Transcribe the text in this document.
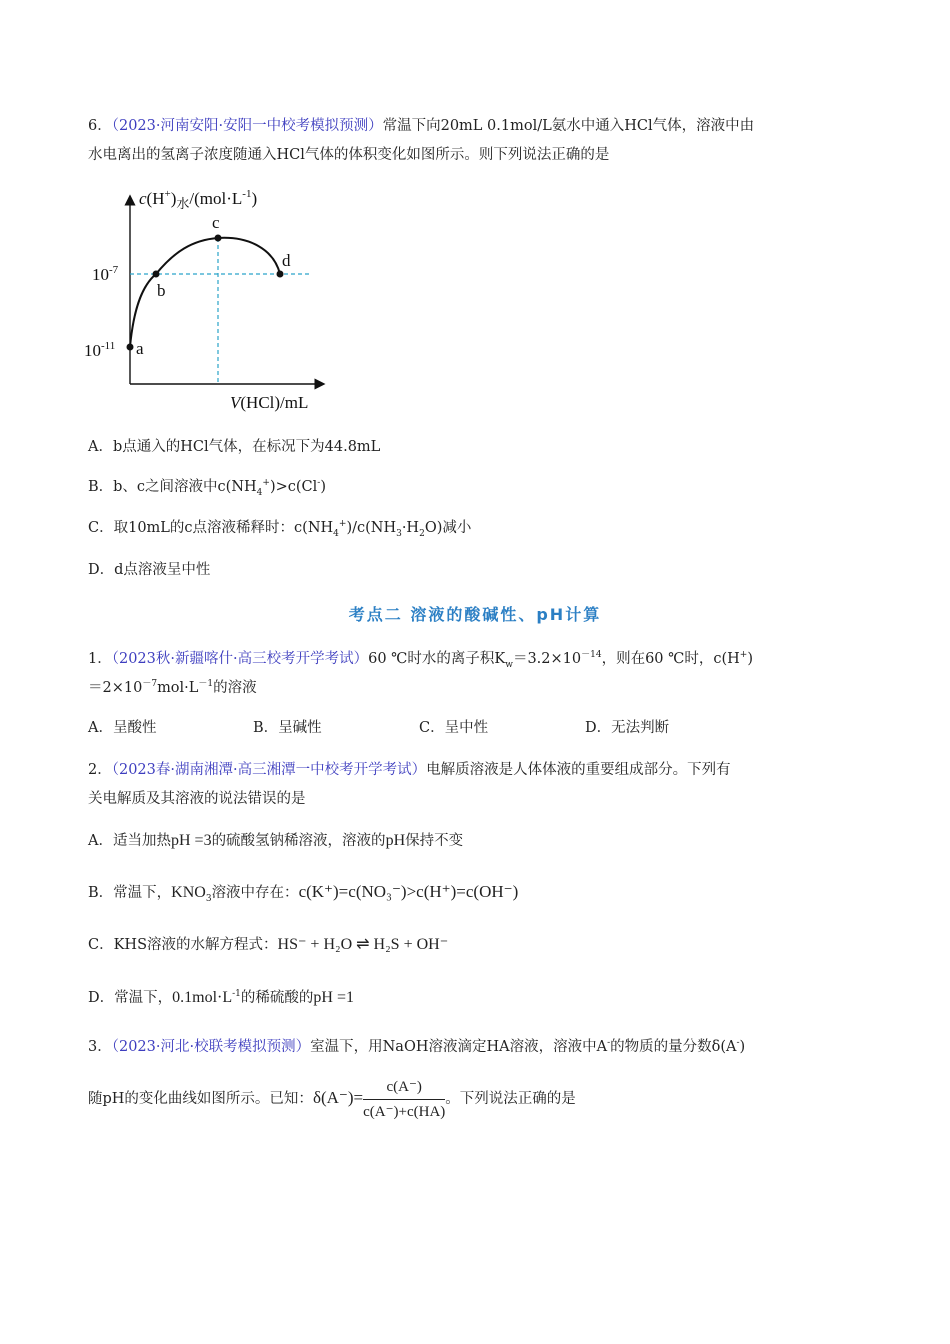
6．（2023·河南安阳·安阳一中校考模拟预测）常温下向20mL 0.1mol/L氨水中通入HCl气体，溶液中由
水电离出的氢离子浓度随通入HCl气体的体积变化如图所示。则下列说法正确的是
a
b
c
d
$c(H^+)_水/(mol\cdot L^{-1})$
$10^{-7}$
$10^{-11}$
V(HCl)/mL
A．b点通入的HCl气体，在标况下为44.8mL
B．b、c之间溶液中$c(NH_4^+)>c(Cl^-)$
C．取10mL的c点溶液稀释时：$c(NH_4^+)/c(NH_3\cdot H_2O)$减小
D．d点溶液呈中性
考点二 溶液的酸碱性、pH计算
1．（2023秋·新疆喀什·高三校考开学考试）60 ℃时水的离子积$K_w=3.2\times 10^{-14}$，则在60 ℃时，c(H+)
$=2\times 10^{-7}mol\cdot L^{-1}$的溶液
A．呈酸性	B．呈碱性	C．呈中性	D．无法判断
2．（2023春·湖南湘潭·高三湘潭一中校考开学考试）电解质溶液是人体体液的重要组成部分。下列有
关电解质及其溶液的说法错误的是
A．适当加热pH =3的硫酸氢钠稀溶液，溶液的pH保持不变
B．常温下，$KNO_3$溶液中存在：c(K⁺)=c(NO₃⁻)>c(H⁺)=c(OH⁻)
C．KHS溶液的水解方程式：HS⁻ + H₂O ⇌ H₂S + OH⁻
D．常温下，$0.1mol\cdot L^{-1}$的稀硫酸的pH =1
3．（2023·河北·校联考模拟预测）室温下，用NaOH溶液滴定HA溶液，溶液中A-的物质的量分数δ(A-)
随pH的变化曲线如图所示。已知：$\delta(A^-)= \frac{c(A^-)}{c(A^-)+c(HA)}$ 。下列说法正确的是
